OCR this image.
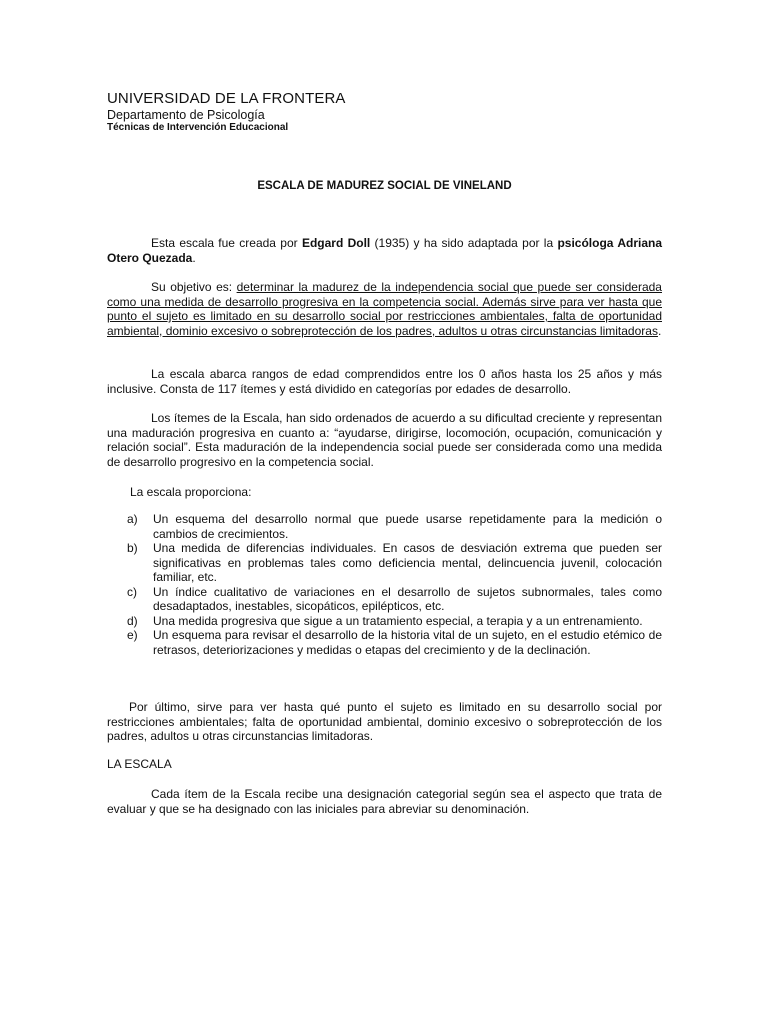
UNIVERSIDAD DE LA FRONTERA
Departamento de Psicología
Técnicas de Intervención Educacional
ESCALA DE MADUREZ SOCIAL DE VINELAND

Esta escala fue creada por Edgard Doll (1935) y ha sido adaptada por la psicóloga Adriana Otero Quezada.

Su objetivo es: determinar la madurez de la independencia social que puede ser considerada como una medida de desarrollo progresiva en la competencia social. Además sirve para ver hasta que punto el sujeto es limitado en su desarrollo social por restricciones ambientales, falta de oportunidad ambiental, dominio excesivo o sobreprotección de los padres, adultos u otras circunstancias limitadoras.

La escala abarca rangos de edad comprendidos entre los 0 años hasta los 25 años y más inclusive. Consta de 117 ítemes y está dividido en categorías por edades de desarrollo.

Los ítemes de la Escala, han sido ordenados de acuerdo a su dificultad creciente y representan una maduración progresiva en cuanto a: “ayudarse, dirigirse, locomoción, ocupación, comunicación y relación social”. Esta maduración de la independencia social puede ser considerada como una medida de desarrollo progresivo en la competencia social.

La escala proporciona:
a) Un esquema del desarrollo normal que puede usarse repetidamente para la medición o cambios de crecimientos.
b) Una medida de diferencias individuales. En casos de desviación extrema que pueden ser significativas en problemas tales como deficiencia mental, delincuencia juvenil, colocación familiar, etc.
c) Un índice cualitativo de variaciones en el desarrollo de sujetos subnormales, tales como desadaptados, inestables, sicopáticos, epilépticos, etc.
d) Una medida progresiva que sigue a un tratamiento especial, a terapia y a un entrenamiento.
e) Un esquema para revisar el desarrollo de la historia vital de un sujeto, en el estudio etémico de retrasos, deteriorizaciones y medidas o etapas del crecimiento y de la declinación.

Por último, sirve para ver hasta qué punto el sujeto es limitado en su desarrollo social por restricciones ambientales; falta de oportunidad ambiental, dominio excesivo o sobreprotección de los padres, adultos u otras circunstancias limitadoras.

LA ESCALA

Cada ítem de la Escala recibe una designación categorial según sea el aspecto que trata de evaluar y que se ha designado con las iniciales para abreviar su denominación.
